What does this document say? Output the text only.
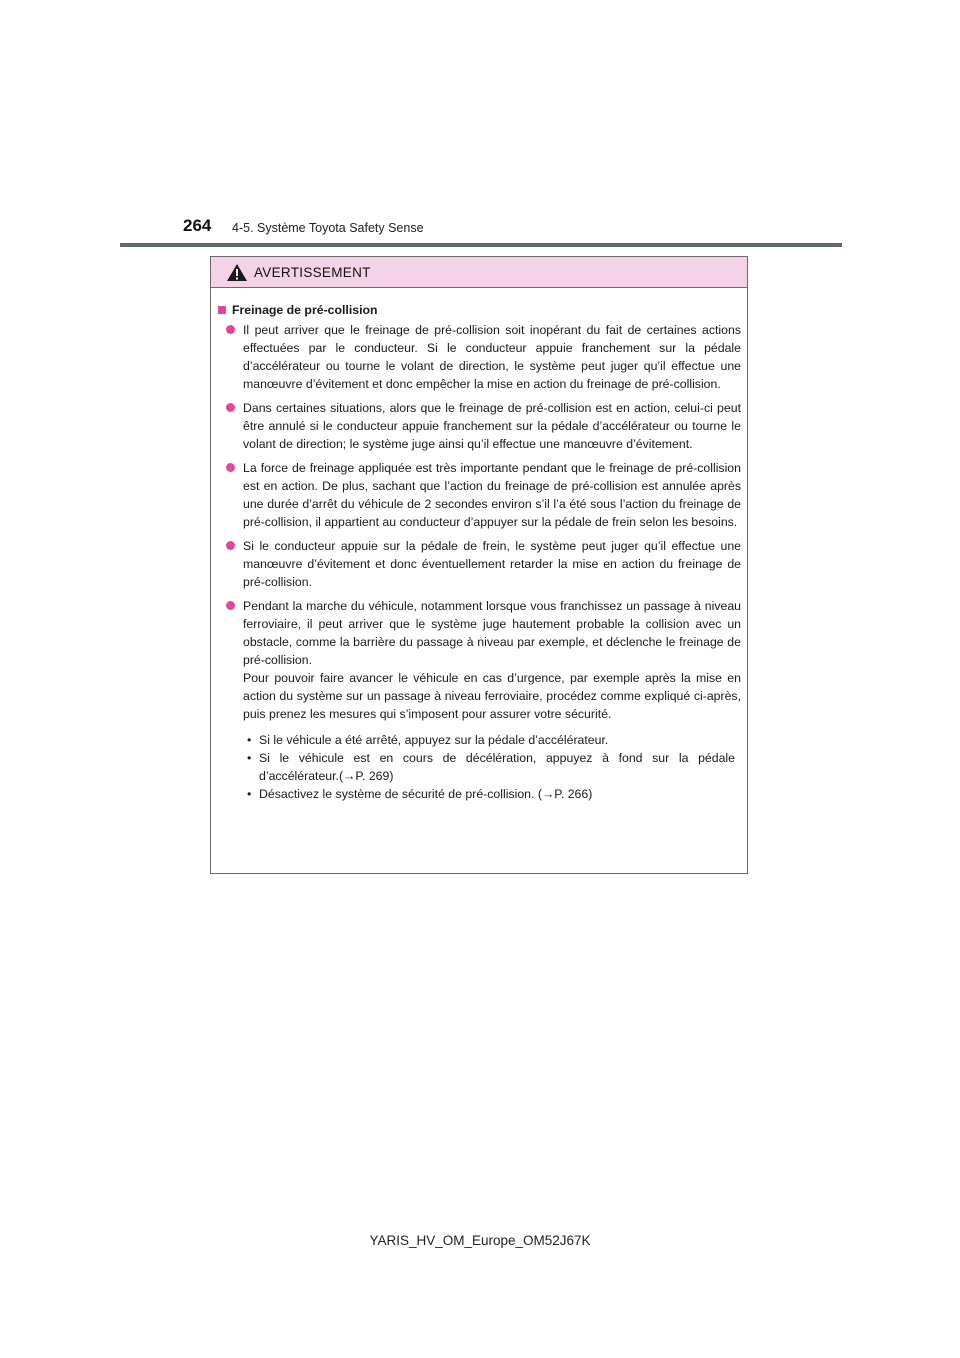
264 4-5. Système Toyota Safety Sense
AVERTISSEMENT
Freinage de pré-collision
Il peut arriver que le freinage de pré-collision soit inopérant du fait de certaines actions effectuées par le conducteur. Si le conducteur appuie franchement sur la pédale d’accélérateur ou tourne le volant de direction, le système peut juger qu’il effectue une manœuvre d’évitement et donc empêcher la mise en action du freinage de pré-collision.
Dans certaines situations, alors que le freinage de pré-collision est en action, celui-ci peut être annulé si le conducteur appuie franchement sur la pédale d’accélérateur ou tourne le volant de direction; le système juge ainsi qu’il effectue une manœuvre d’évitement.
La force de freinage appliquée est très importante pendant que le freinage de pré-collision est en action. De plus, sachant que l’action du freinage de pré-collision est annulée après une durée d’arrêt du véhicule de 2 secondes environ s’il l’a été sous l’action du freinage de pré-collision, il appartient au conducteur d’appuyer sur la pédale de frein selon les besoins.
Si le conducteur appuie sur la pédale de frein, le système peut juger qu’il effectue une manœuvre d’évitement et donc éventuellement retarder la mise en action du freinage de pré-collision.

Pendant la marche du véhicule, notamment lorsque vous franchissez un passage à niveau ferroviaire, il peut arriver que le système juge hautement probable la collision avec un obstacle, comme la barrière du passage à niveau par exemple, et déclenche le freinage de pré-collision.

Pour pouvoir faire avancer le véhicule en cas d’urgence, par exemple après la mise en action du système sur un passage à niveau ferroviaire, procédez comme expliqué ci-après, puis prenez les mesures qui s’imposent pour assurer votre sécurité.

• Si le véhicule a été arrêté, appuyez sur la pédale d’accélérateur.
• Si le véhicule est en cours de décélération, appuyez à fond sur la pédale d’accélérateur.(→P. 269)
• Désactivez le système de sécurité de pré-collision. (→P. 266)
YARIS_HV_OM_Europe_OM52J67K
